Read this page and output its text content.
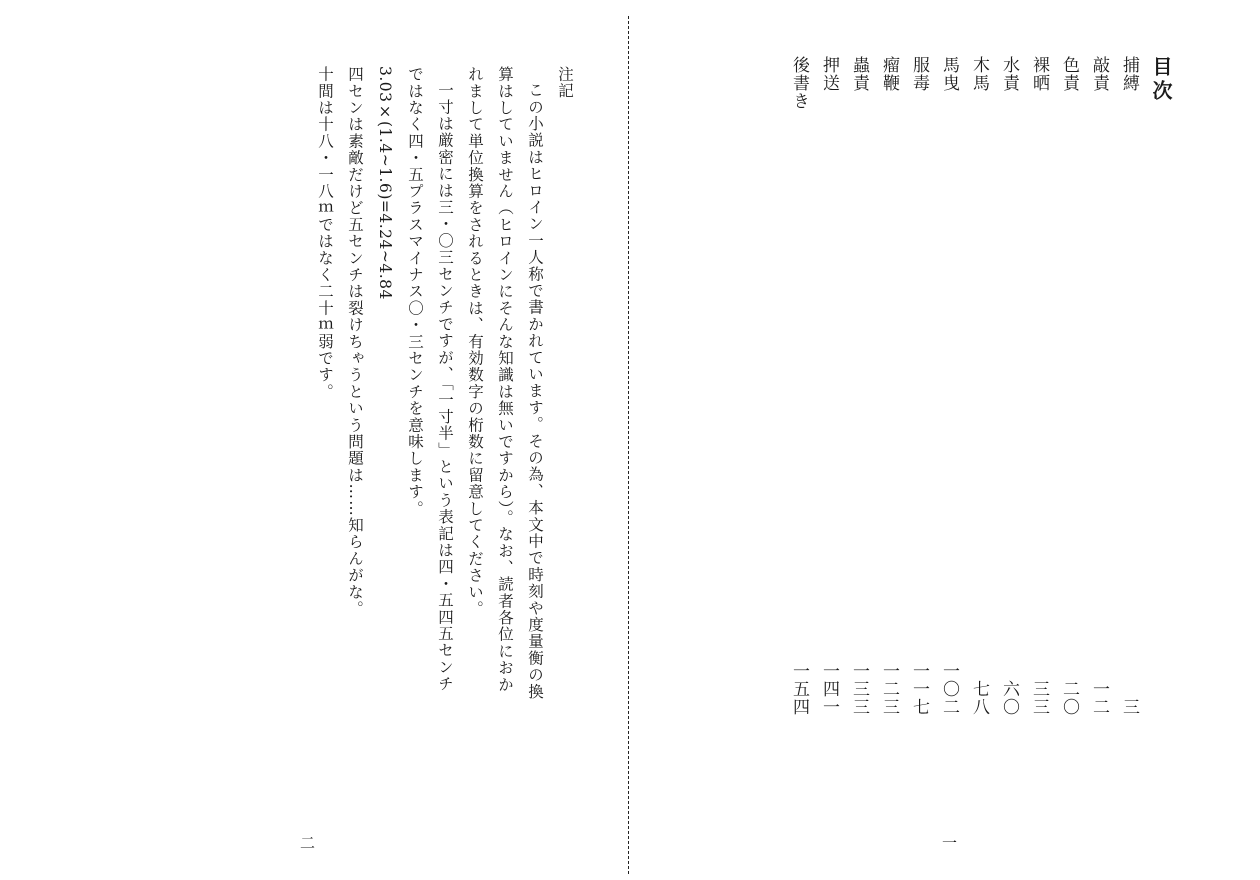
目次
捕縛
三
敲責
一二
色責
二〇
裸晒
三三
水責
六〇
木馬
七八
馬曳
一〇二
服毒
一一七
瘤鞭
一二三
蟲責
一三三
押送
一四一
後書き
一五四

注記

この小説はヒロイン一人称で書かれています。その為、本文中で時刻や度量衡の換算はしていません（ヒロインにそんな知識は無いですから）。なお、読者各位におかれまして単位換算をされるときは、有効数字の桁数に留意してください。

一寸は厳密には三・〇三センチですが、「一寸半」という表記は四・五四五センチではなく四・五プラスマイナス〇・三センチを意味します。

3.03×(1.4~1.6)=4.24~4.84

四センは素敵だけど五センチは裂けちゃうという問題は……知らんがな。

十間は十八・一八ｍではなく二十ｍ弱です。

二	一
